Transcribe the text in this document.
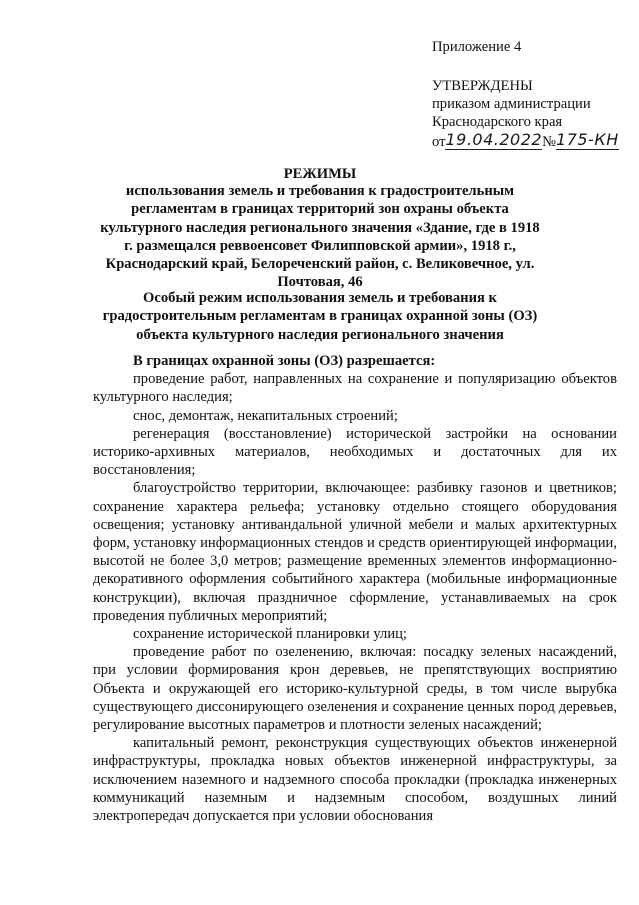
Приложение 4
УТВЕРЖДЕНЫ
приказом администрации
Краснодарского края
от19.04.2022№175-КН
РЕЖИМЫ
использования земель и требования к градостроительным регламентам в границах территорий зон охраны объекта культурного наследия регионального значения «Здание, где в 1918 г. размещался реввоенсовет Филипповской армии», 1918 г., Краснодарский край, Белореченский район, с. Великовечное, ул. Почтовая, 46
Особый режим использования земель и требования к градостроительным регламентам в границах охранной зоны (ОЗ) объекта культурного наследия регионального значения

В границах охранной зоны (ОЗ) разрешается:

проведение работ, направленных на сохранение и популяризацию объектов культурного наследия;

снос, демонтаж, некапитальных строений;

регенерация (восстановление) исторической застройки на основании историко-архивных материалов, необходимых и достаточных для их восстановления;

благоустройство территории, включающее: разбивку газонов и цветников; сохранение характера рельефа; установку отдельно стоящего оборудования освещения; установку антивандальной уличной мебели и малых архитектурных форм, установку информационных стендов и средств ориентирующей информации, высотой не более 3,0 метров; размещение временных элементов информационно-декоративного оформления событийного характера (мобильные информационные конструкции), включая праздничное сформление, устанавливаемых на срок проведения публичных мероприятий;

сохранение исторической планировки улиц;

проведение работ по озеленению, включая: посадку зеленых насаждений, при условии формирования крон деревьев, не препятствующих восприятию Объекта и окружающей его историко-культурной среды, в том числе вырубка существующего диссонирующего озеленения и сохранение ценных пород деревьев, регулирование высотных параметров и плотности зеленых насаждений;

капитальный ремонт, реконструкция существующих объектов инженерной инфраструктуры, прокладка новых объектов инженерной инфраструктуры, за исключением наземного и надземного способа прокладки (прокладка инженерных коммуникаций наземным и надземным способом, воздушных линий электропередач допускается при условии обоснования
